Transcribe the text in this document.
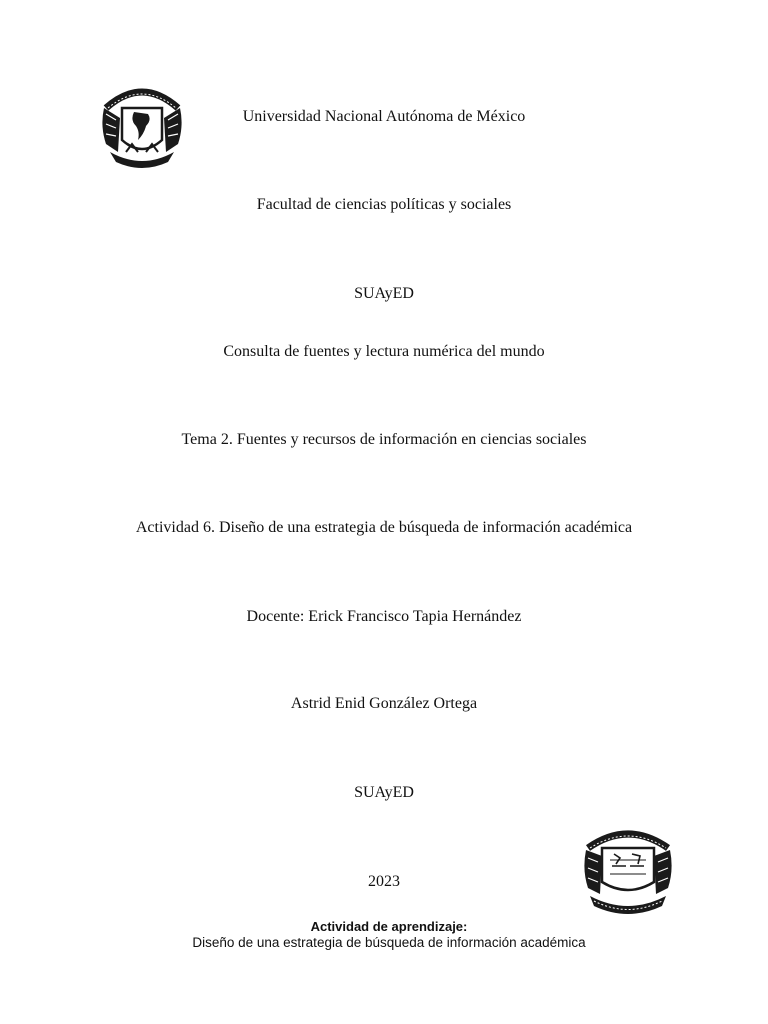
Universidad Nacional Autónoma de México
Facultad de ciencias políticas y sociales
SUAyED
Consulta de fuentes y lectura numérica del mundo
Tema 2. Fuentes y recursos de información en ciencias sociales
Actividad 6. Diseño de una estrategia de búsqueda de información académica
Docente: Erick Francisco Tapia Hernández
Astrid Enid González Ortega
SUAyED
2023
Actividad de aprendizaje:
Diseño de una estrategia de búsqueda de información académica
